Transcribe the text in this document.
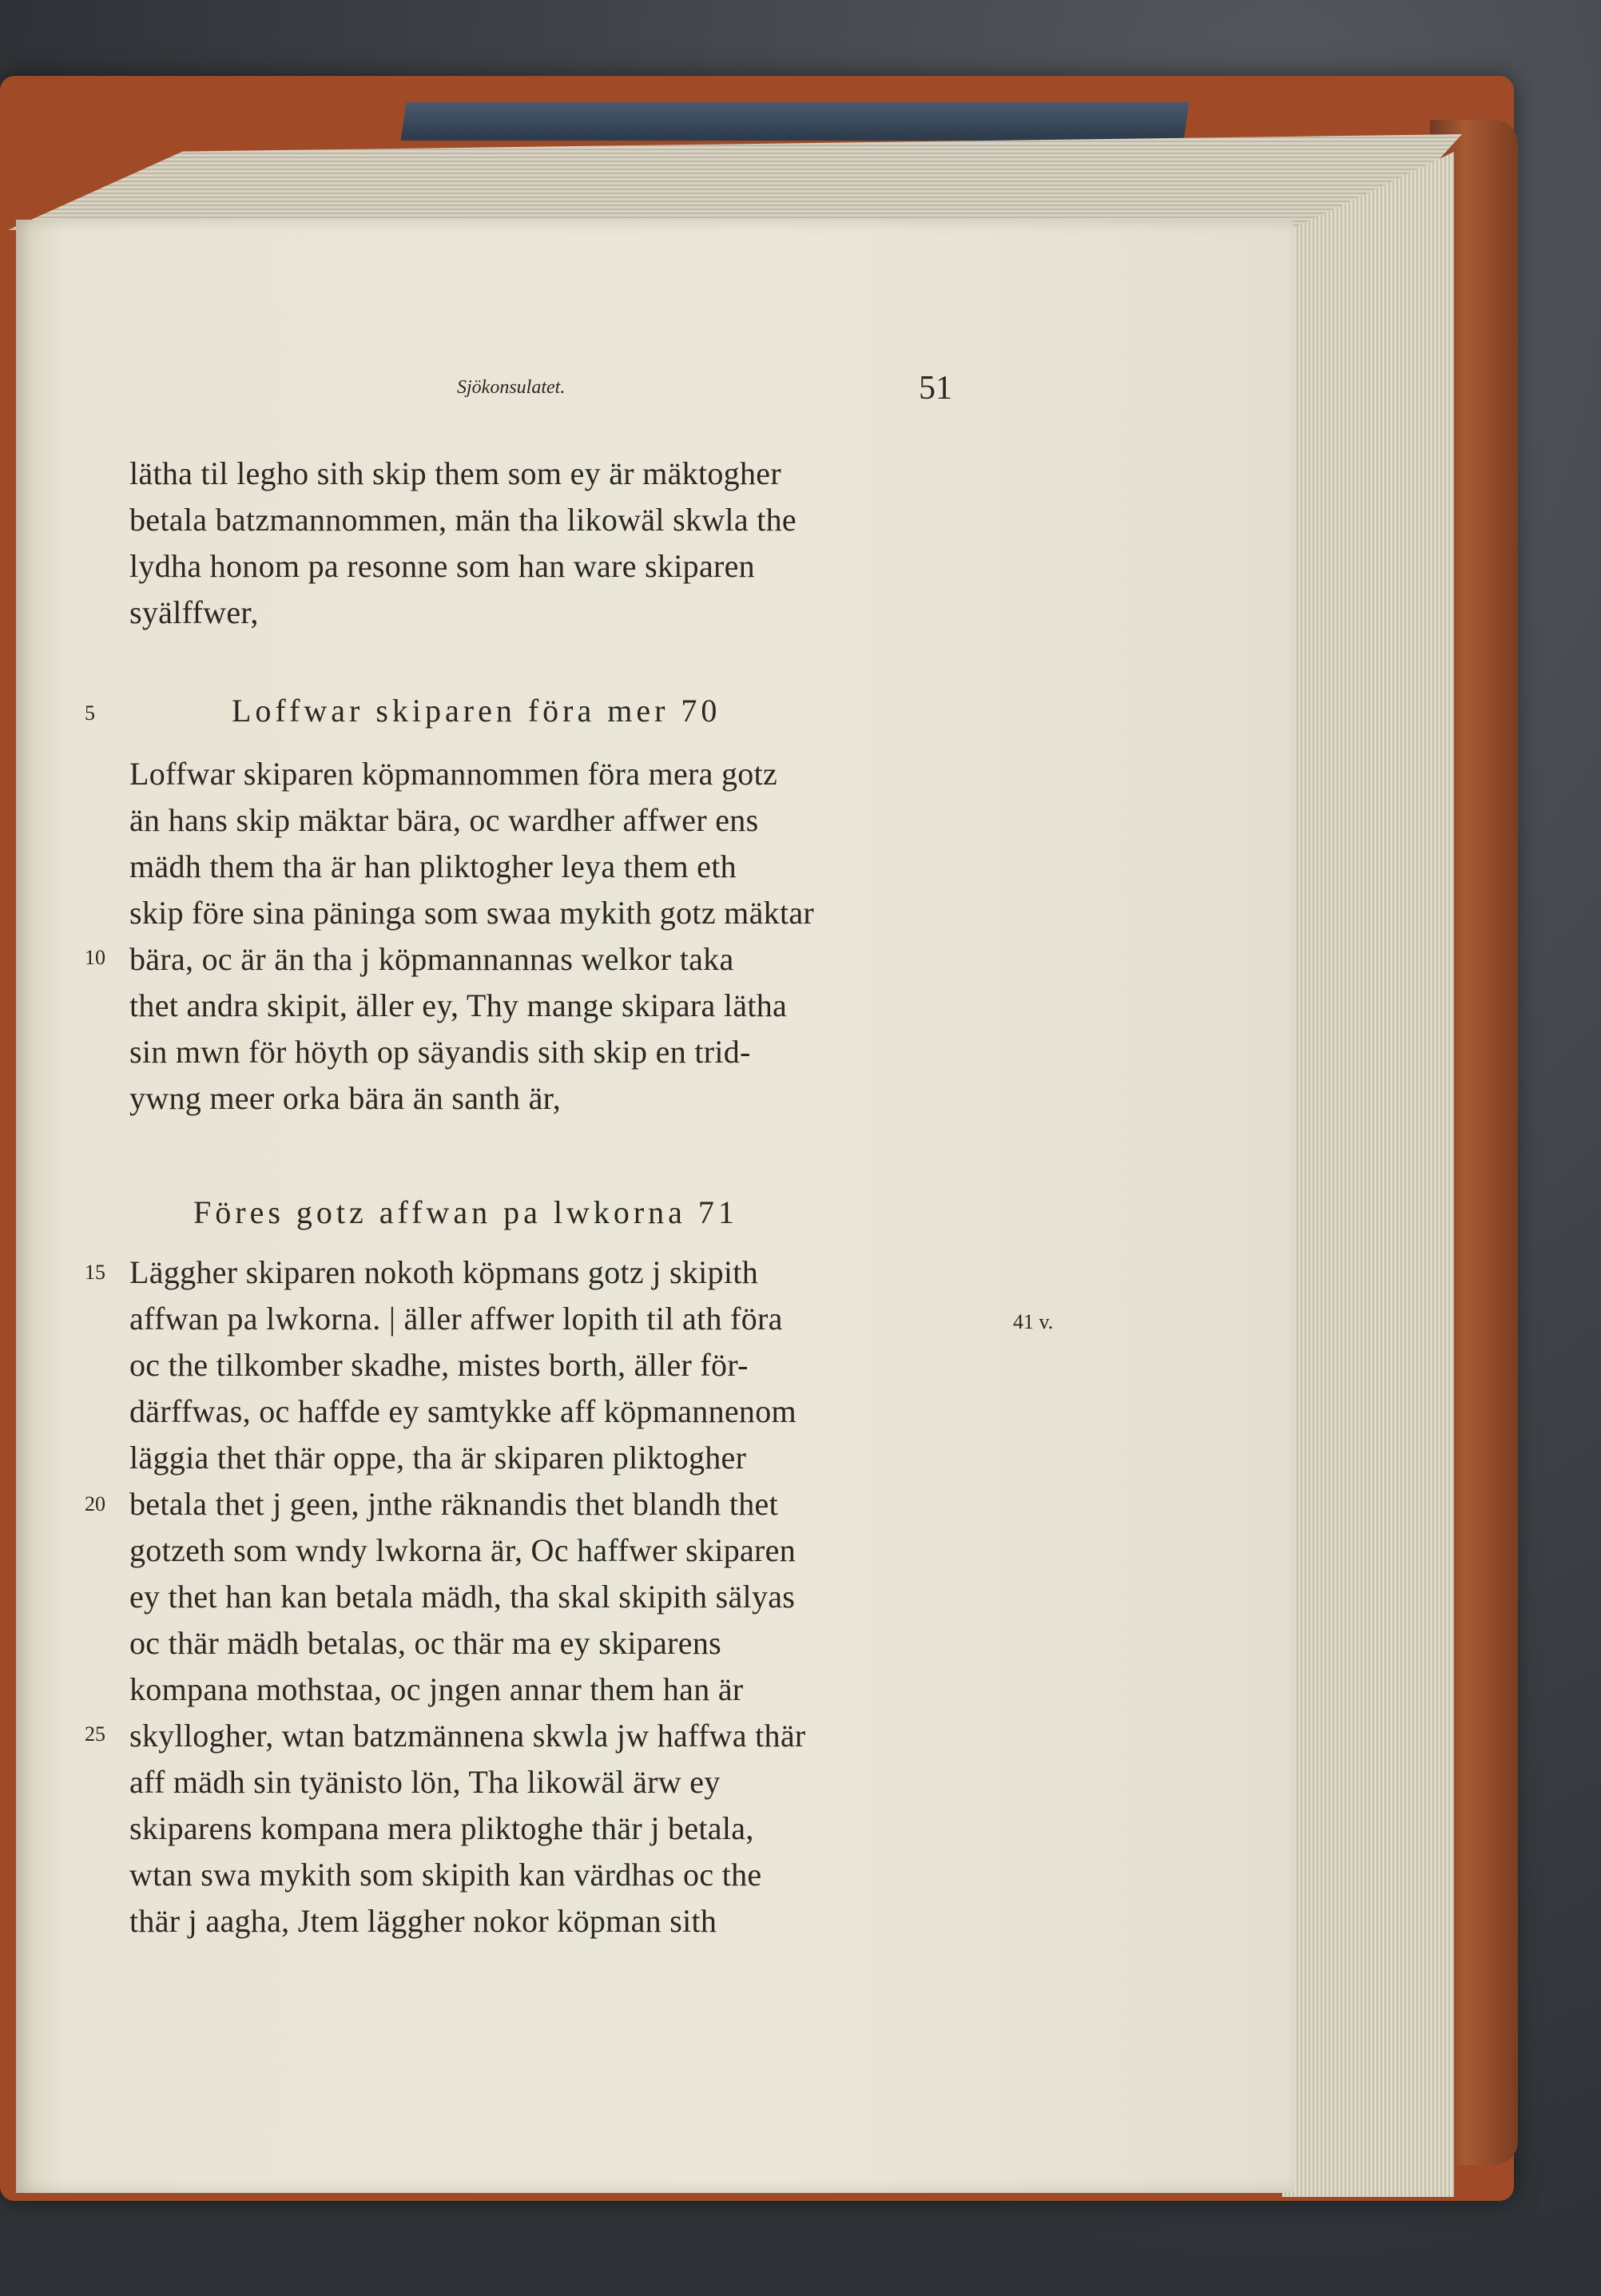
Sjökonsulatet.	51
lätha til legho sith skip them som ey är mäktogher
betala batzmannommen, män tha likowäl skwla the
lydha honom pa resonne som han ware skiparen
syälffwer,
5	Loffwar skiparen föra mer 70
Loffwar skiparen köpmannommen föra mera gotz
än hans skip mäktar bära, oc wardher affwer ens
mädh them tha är han pliktogher leya them eth
skip före sina päninga som swaa mykith gotz mäktar
10 bära, oc är än tha j köpmannannas welkor taka
thet andra skipit, äller ey, Thy mange skipara lätha
sin mwn för höyth op säyandis sith skip en trid-
ywng meer orka bära än santh är,
Föres gotz affwan pa lwkorna 71
15 Läggher skiparen nokoth köpmans gotz j skipith
affwan pa lwkorna. | äller affwer lopith til ath föra	41 v.
oc the tilkomber skadhe, mistes borth, äller för-
därffwas, oc haffde ey samtykke aff köpmannenom
läggia thet thär oppe, tha är skiparen pliktogher
20 betala thet j geen, jnthe räknandis thet blandh thet
gotzeth som wndy lwkorna är, Oc haffwer skiparen
ey thet han kan betala mädh, tha skal skipith sälyas
oc thär mädh betalas, oc thär ma ey skiparens
kompana mothstaa, oc jngen annar them han är
25 skyllogher, wtan batzmännena skwla jw haffwa thär
aff mädh sin tyänisto lön, Tha likowäl ärw ey
skiparens kompana mera pliktoghe thär j betala,
wtan swa mykith som skipith kan värdhas oc the
thär j aagha, Jtem läggher nokor köpman sith
